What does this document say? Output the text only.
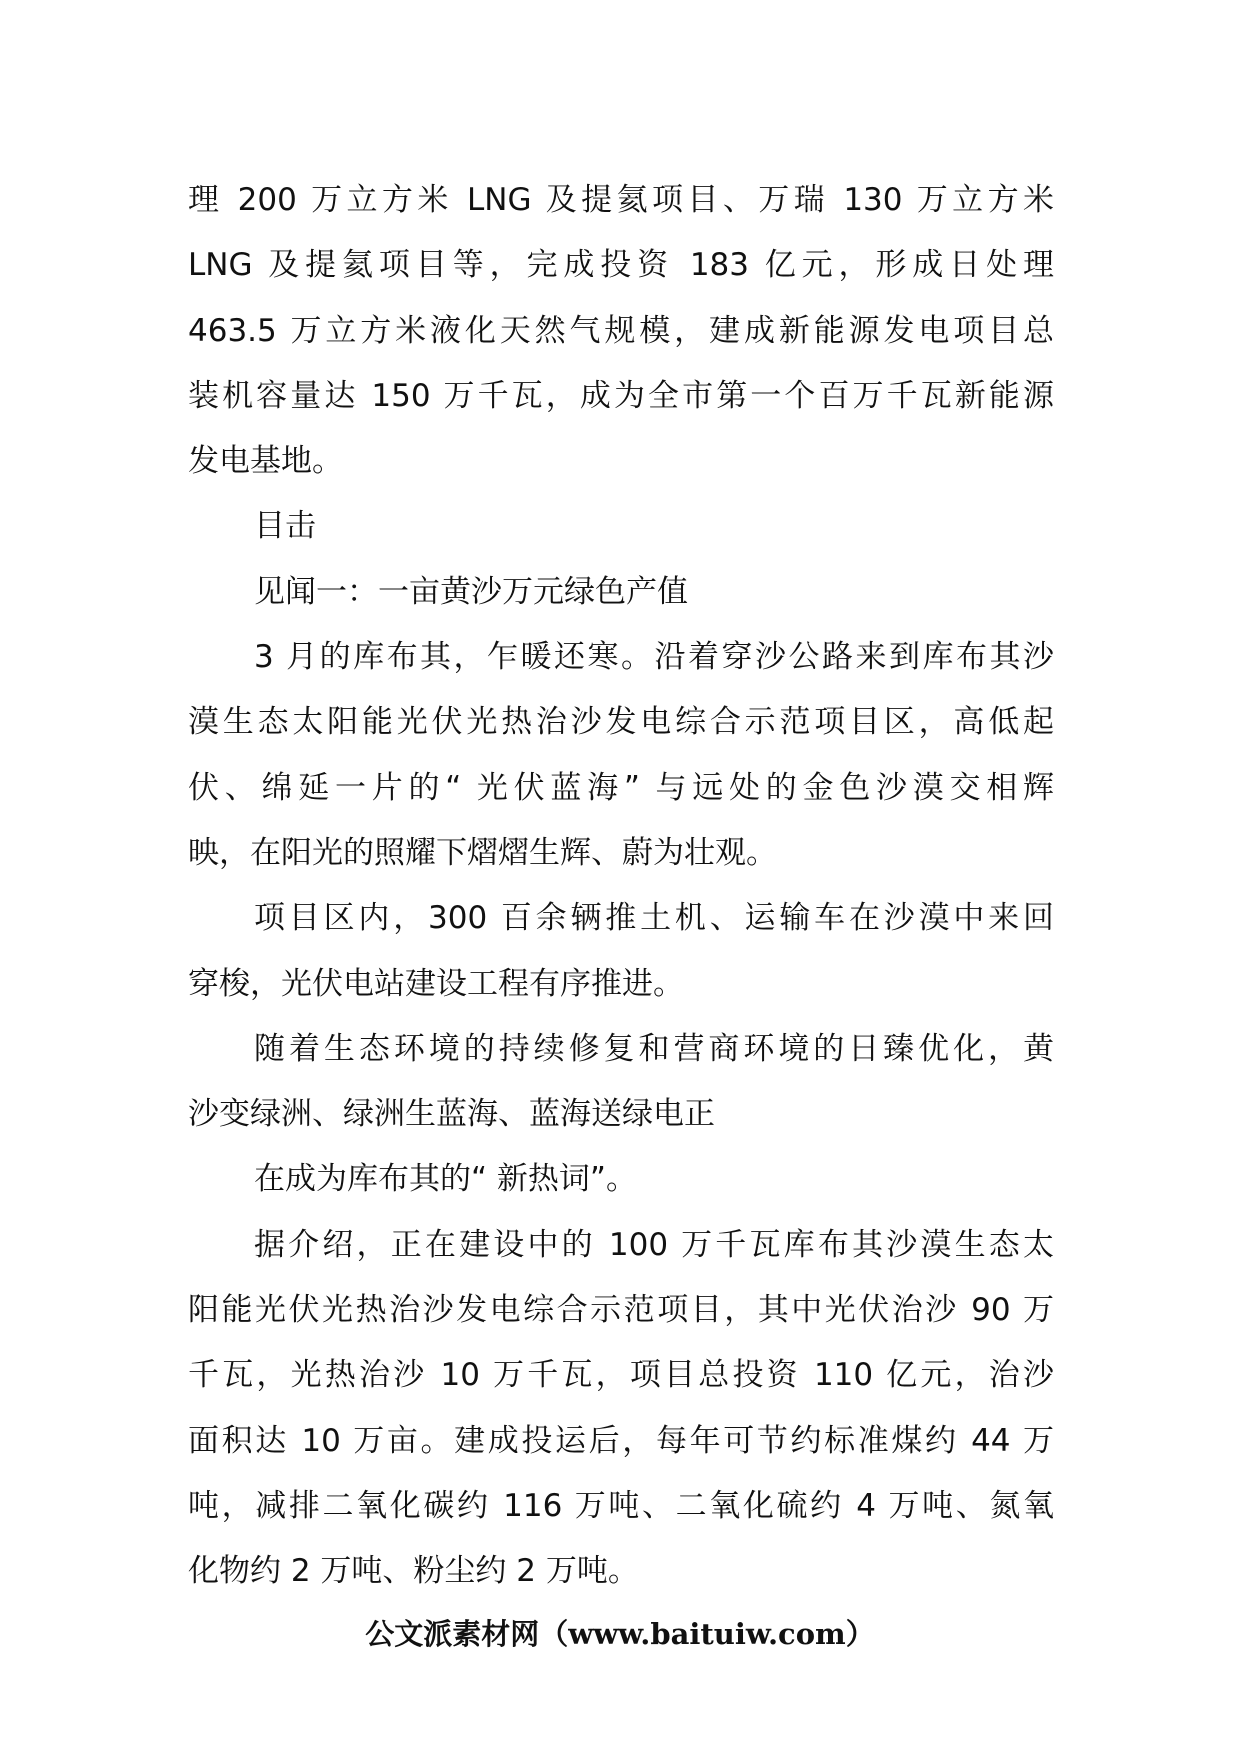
理 200 万立方米 LNG 及提氦项目、万瑞 130 万立方米
LNG 及提氦项目等，完成投资 183 亿元，形成日处理
463.5 万立方米液化天然气规模，建成新能源发电项目总
装机容量达 150 万千瓦，成为全市第一个百万千瓦新能源
发电基地。
目击
见闻一：一亩黄沙万元绿色产值
3 月的库布其，乍暖还寒。沿着穿沙公路来到库布其沙
漠生态太阳能光伏光热治沙发电综合示范项目区，高低起
伏、绵延一片的“ 光伏蓝海” 与远处的金色沙漠交相辉
映，在阳光的照耀下熠熠生辉、蔚为壮观。
项目区内，300 百余辆推土机、运输车在沙漠中来回
穿梭，光伏电站建设工程有序推进。
随着生态环境的持续修复和营商环境的日臻优化，黄
沙变绿洲、绿洲生蓝海、蓝海送绿电正
在成为库布其的“ 新热词”。
据介绍，正在建设中的 100 万千瓦库布其沙漠生态太
阳能光伏光热治沙发电综合示范项目，其中光伏治沙 90 万
千瓦，光热治沙 10 万千瓦，项目总投资 110 亿元，治沙
面积达 10 万亩。建成投运后，每年可节约标准煤约 44 万
吨，减排二氧化碳约 116 万吨、二氧化硫约 4 万吨、氮氧
化物约 2 万吨、粉尘约 2 万吨。
公文派素材网（www.baituiw.com）
